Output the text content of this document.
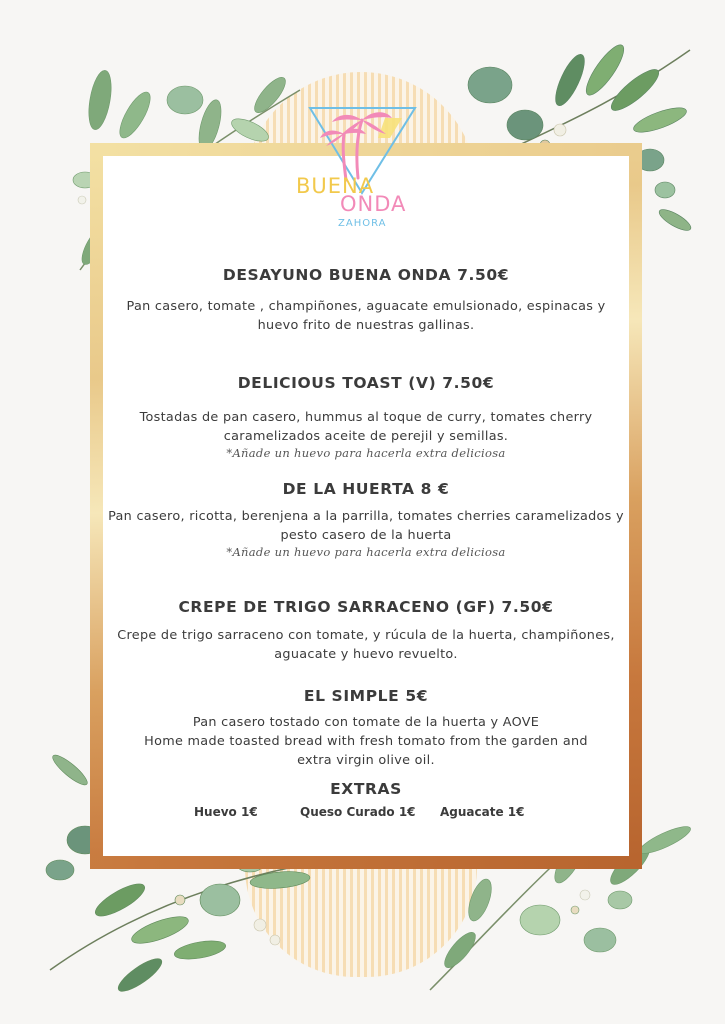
BUENA
ONDA
ZAHORA
DESAYUNO BUENA ONDA 7.50€
Pan casero, tomate , champiñones, aguacate emulsionado, espinacas y
huevo frito de nuestras gallinas.
DELICIOUS TOAST (V) 7.50€
Tostadas de pan casero, hummus al toque de curry, tomates cherry
caramelizados aceite de perejil y semillas.
*Añade un huevo para hacerla extra deliciosa
DE LA HUERTA 8 €
Pan casero, ricotta, berenjena a la parrilla, tomates cherries caramelizados y
pesto casero de la huerta
*Añade un huevo para hacerla extra deliciosa
CREPE DE TRIGO SARRACENO (GF) 7.50€
Crepe de trigo sarraceno con tomate, y rúcula de la huerta, champiñones,
aguacate y huevo revuelto.
EL SIMPLE 5€
Pan casero tostado con tomate de la huerta y AOVE
Home made toasted bread with fresh tomato from the garden and
extra virgin olive oil.
EXTRAS
Huevo 1€	Queso Curado 1€ Aguacate 1€
